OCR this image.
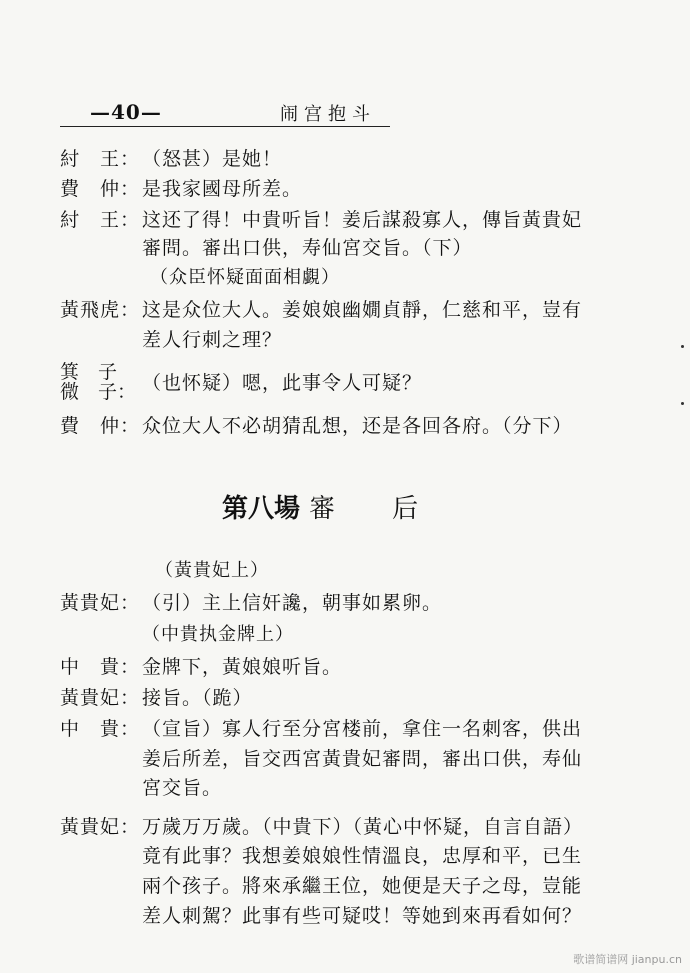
—40—	闹宫抱斗
紂　王： （怒甚）是她！
費　仲： 是我家國母所差。
紂　王： 这还了得！中貴听旨！姜后謀殺寡人，傳旨黃貴妃
審問。審出口供，寿仙宮交旨。（下）
（众臣怀疑面面相覷）
黃飛虎： 这是众位大人。姜娘娘幽嫺貞靜，仁慈和平，豈有
差人行刺之理？
箕　子
微　子： （也怀疑）嗯，此事令人可疑？
費　仲： 众位大人不必胡猜乱想，还是各回各府。（分下）
第八場 審 后
（黃貴妃上）
黃貴妃： （引）主上信奸讒，朝事如累卵。
（中貴执金牌上）
中　貴： 金牌下，黃娘娘听旨。
黃貴妃： 接旨。（跪）
中　貴： （宣旨）寡人行至分宮楼前，拿住一名刺客，供出
姜后所差，旨交西宮黃貴妃審問，審出口供，寿仙
宮交旨。
黃貴妃： 万歲万万歲。（中貴下）（黃心中怀疑，自言自語）
竟有此事？我想姜娘娘性情溫良，忠厚和平，已生
兩个孩子。將來承繼王位，她便是天子之母，豈能
差人刺駕？此事有些可疑哎！等她到來再看如何？
歌谱简谱网 jianpu.cn
